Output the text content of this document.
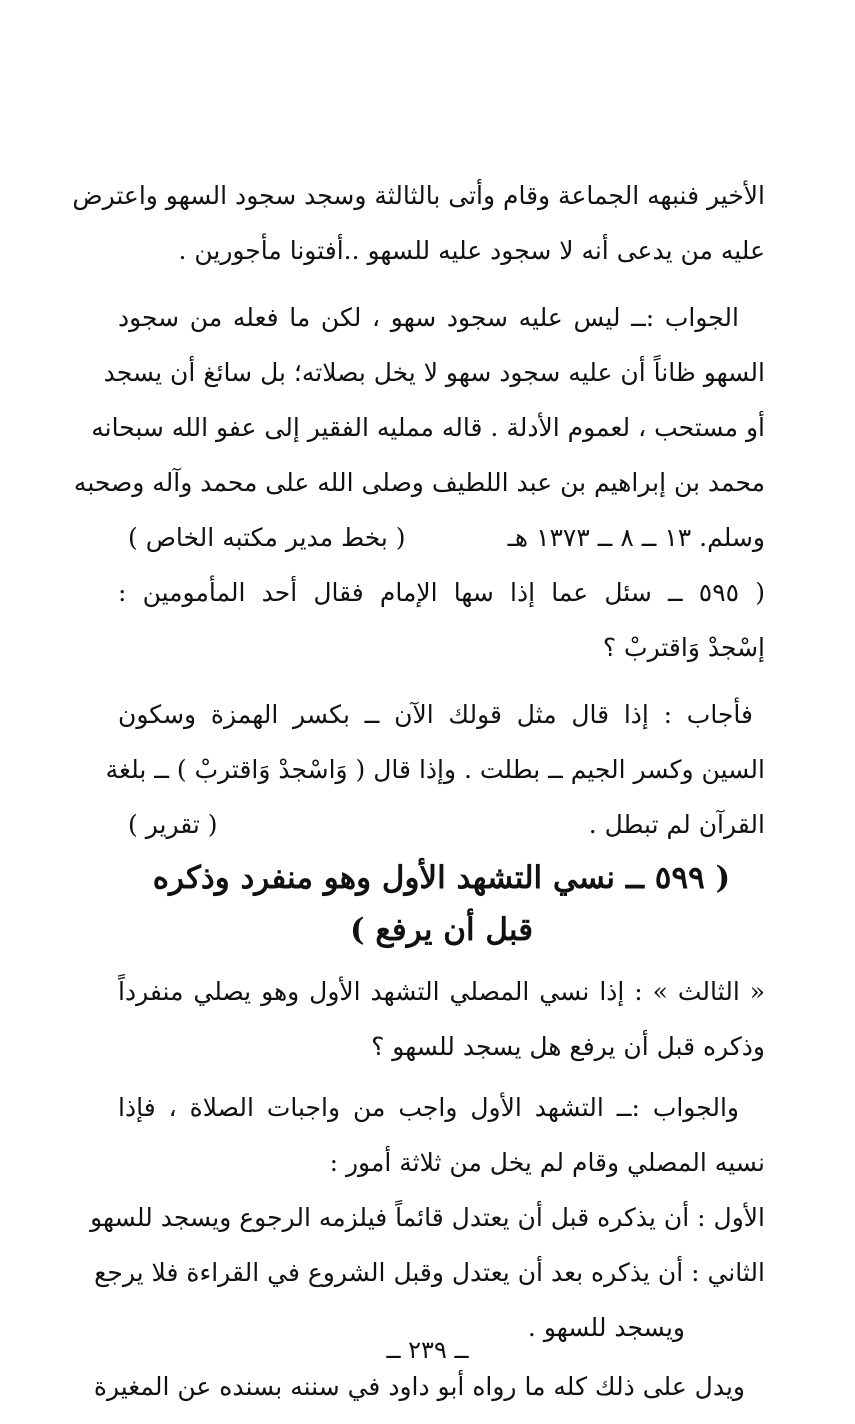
الأخير فنبهه الجماعة وقام وأتى بالثالثة وسجد سجود السهو واعترض
عليه من يدعى أنه لا سجود عليه للسهو ..أفتونا مأجورين .
الجواب :ــ ليس عليه سجود سهو ، لكن ما فعله من سجود
السهو ظاناً أن عليه سجود سهو لا يخل بصلاته؛ بل سائغ أن يسجد
أو مستحب ، لعموم الأدلة . قاله ممليه الفقير إلى عفو الله سبحانه
محمد بن إبراهيم بن عبد اللطيف وصلى الله على محمد وآله وصحبه
وسلم. ١٣ ــ ٨ ــ ١٣٧٣ هـ
( بخط مدير مكتبه الخاص )
( ٥٩٥ ــ سئل عما إذا سها الإمام فقال أحد المأمومين :
إسْجدْ وَاقتربْ ؟
فأجاب : إذا قال مثل قولك الآن ــ بكسر الهمزة وسكون
السين وكسر الجيم ــ بطلت . وإذا قال ( وَاسْجدْ وَاقتربْ ) ــ بلغة
القرآن لم تبطل .
( تقرير )
( ٥٩٩ ــ نسي التشهد الأول وهو منفرد وذكره
قبل أن يرفع )
« الثالث » : إذا نسي المصلي التشهد الأول وهو يصلي منفرداً
وذكره قبل أن يرفع هل يسجد للسهو ؟
والجواب :ــ التشهد الأول واجب من واجبات الصلاة ، فإذا
نسيه المصلي وقام لم يخل من ثلاثة أمور :
الأول : أن يذكره قبل أن يعتدل قائماً فيلزمه الرجوع ويسجد للسهو
الثاني : أن يذكره بعد أن يعتدل وقبل الشروع في القراءة فلا يرجع
ويسجد للسهو .
ويدل على ذلك كله ما رواه أبو داود في سننه بسنده عن المغيرة
ــ ٢٣٩ ــ
